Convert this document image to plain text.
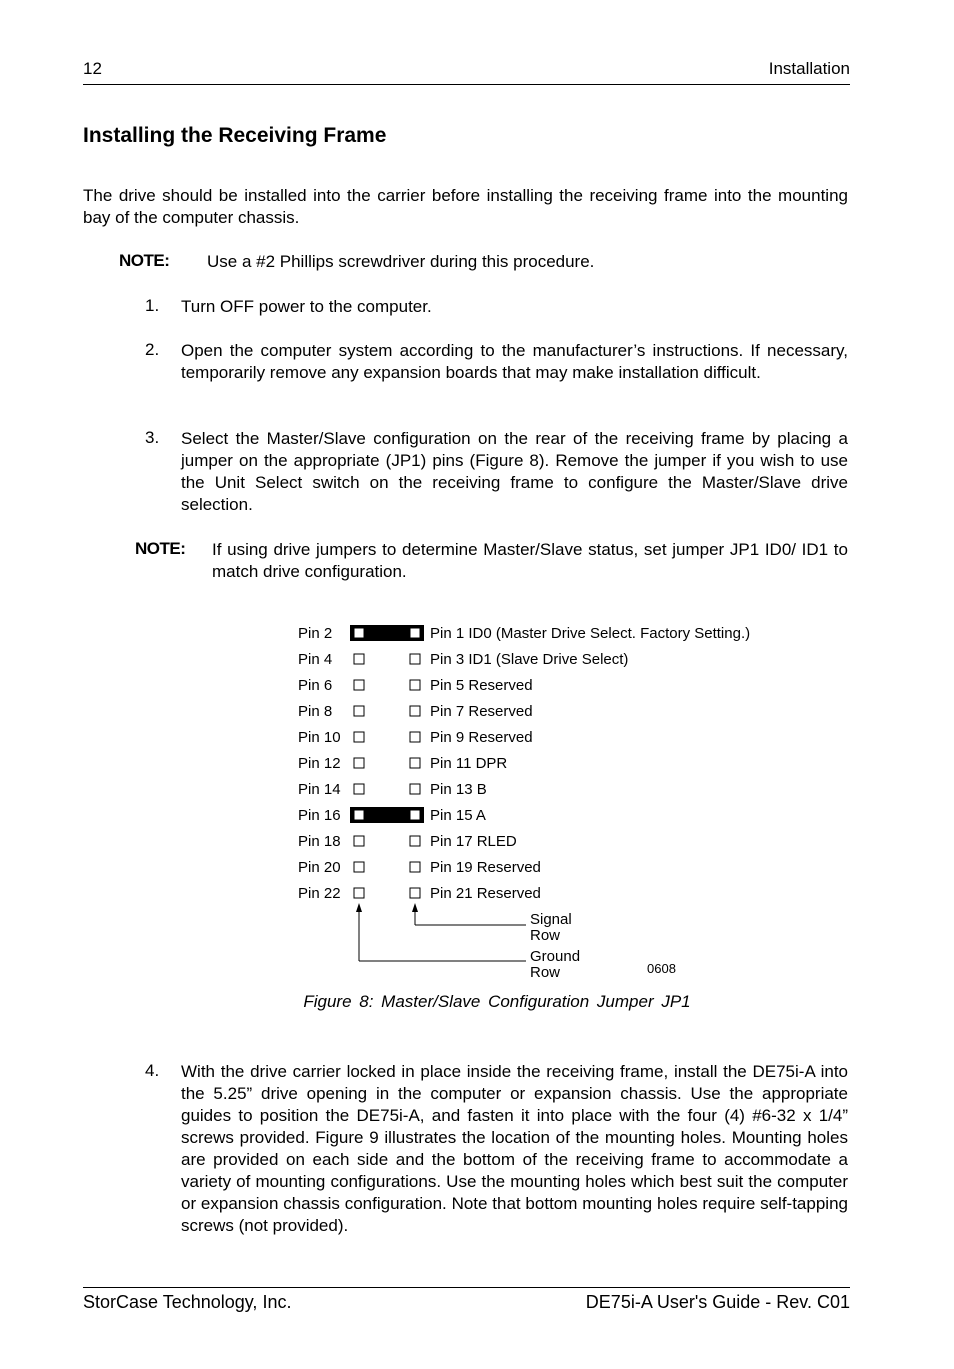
12	Installation
Installing the Receiving Frame
The drive should be installed into the carrier before installing the receiving frame into the mounting bay of the computer chassis.
NOTE: Use a #2 Phillips screwdriver during this procedure.
1. Turn OFF power to the computer.
2. Open the computer system according to the manufacturer’s instructions. If necessary, temporarily remove any expansion boards that may make installation difficult.
3. Select the Master/Slave configuration on the rear of the receiving frame by placing a jumper on the appropriate (JP1) pins (Figure 8). Remove the jumper if you wish to use the Unit Select switch on the receiving frame to configure the Master/Slave drive selection.
NOTE: If using drive jumpers to determine Master/Slave status, set jumper JP1 ID0/ ID1 to match drive configuration.
Pin 2	Pin 1 ID0 (Master Drive Select. Factory Setting.)
Pin 4	Pin 3 ID1 (Slave Drive Select)
Pin 6	Pin 5 Reserved
Pin 8	Pin 7 Reserved
Pin 10	Pin 9 Reserved
Pin 12	Pin 11 DPR
Pin 14	Pin 13 B
Pin 16	Pin 15 A
Pin 18	Pin 17 RLED
Pin 20	Pin 19 Reserved
Pin 22	Pin 21 Reserved
Signal
Row
Ground
Row	0608
Figure 8: Master/Slave Configuration Jumper JP1
4. With the drive carrier locked in place inside the receiving frame, install the DE75i-A into the 5.25” drive opening in the computer or expansion chassis. Use the appropriate guides to position the DE75i-A, and fasten it into place with the four (4) #6-32 x 1/4” screws provided. Figure 9 illustrates the location of the mounting holes. Mounting holes are provided on each side and the bottom of the receiving frame to accommodate a variety of mounting configurations. Use the mounting holes which best suit the computer or expansion chassis configuration. Note that bottom mounting holes require self-tapping screws (not provided).
StorCase Technology, Inc.	DE75i-A User's Guide - Rev. C01
